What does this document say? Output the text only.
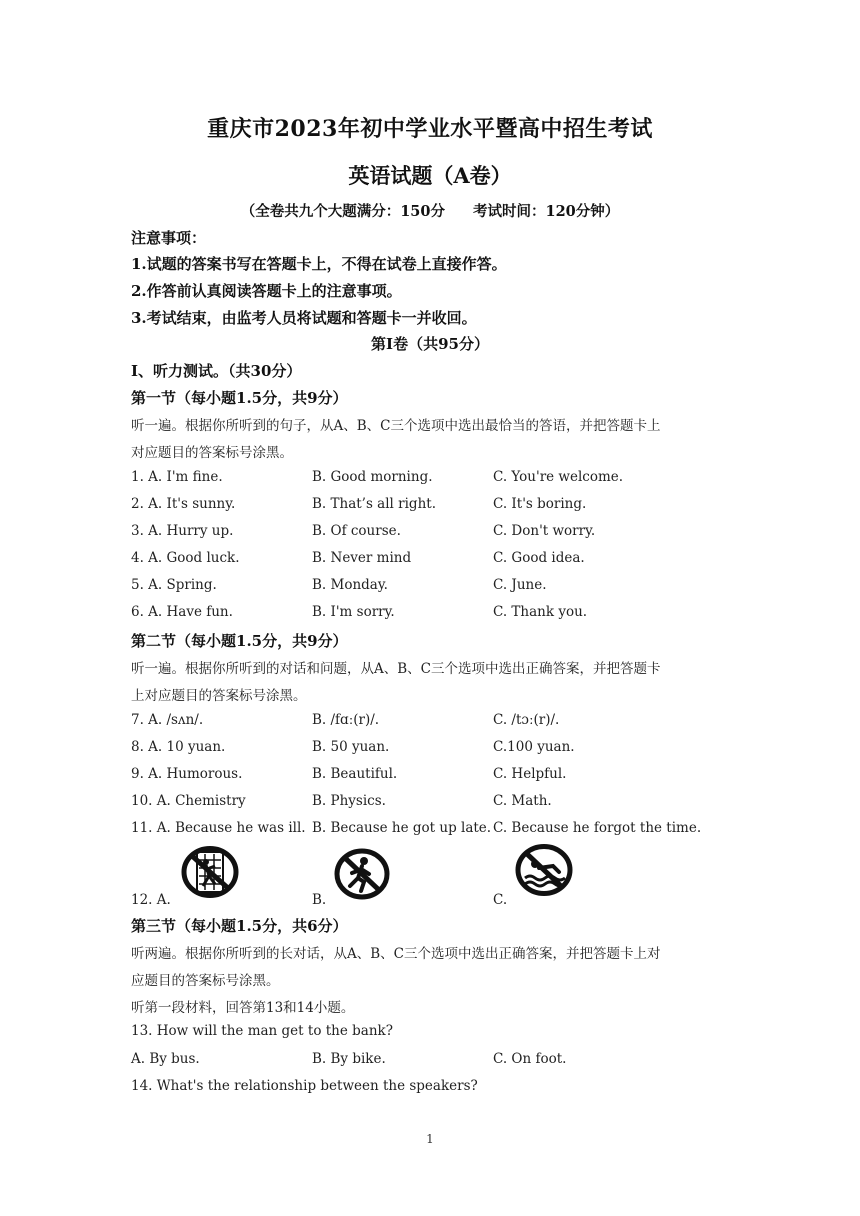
重庆市2023年初中学业水平暨高中招生考试
英语试题（A卷）
（全卷共九个大题满分：150分 考试时间：120分钟）
注意事项：
1.试题的答案书写在答题卡上，不得在试卷上直接作答。
2.作答前认真阅读答题卡上的注意事项。
3.考试结束，由监考人员将试题和答题卡一并收回。
第Ⅰ卷（共95分）
Ⅰ、听力测试。（共30分）
第一节（每小题1.5分，共9分）
听一遍。根据你所听到的句子，从A、B、C三个选项中选出最恰当的答语，并把答题卡上
对应题目的答案标号涂黑。
1. A. I'm fine.	B. Good morning.	C. You're welcome.
2. A. It's sunny.	B. That’s all right.	C. It's boring.
3. A. Hurry up.	B. Of course.	C. Don't worry.
4. A. Good luck.	B. Never mind	C. Good idea.
5. A. Spring.	B. Monday.	C. June.
6. A. Have fun.	B. I'm sorry.	C. Thank you.
第二节（每小题1.5分，共9分）
听一遍。根据你所听到的对话和问题，从A、B、C三个选项中选出正确答案，并把答题卡
上对应题目的答案标号涂黑。
7. A. /sʌn/.	B. /fɑː(r)/.	C. /tɔː(r)/.
8. A. 10 yuan.	B. 50 yuan.	C.100 yuan.
9. A. Humorous.	B. Beautiful.	C. Helpful.
10. A. Chemistry	B. Physics.	C. Math.
11. A. Because he was ill. B. Because he got up late. C. Because he forgot the time.
12. A.	B.	C.
第三节（每小题1.5分，共6分）
听两遍。根据你所听到的长对话，从A、B、C三个选项中选出正确答案，并把答题卡上对
应题目的答案标号涂黑。
听第一段材料，回答第13和14小题。
13. How will the man get to the bank?
A. By bus.	B. By bike.	C. On foot.
14. What's the relationship between the speakers?
1
